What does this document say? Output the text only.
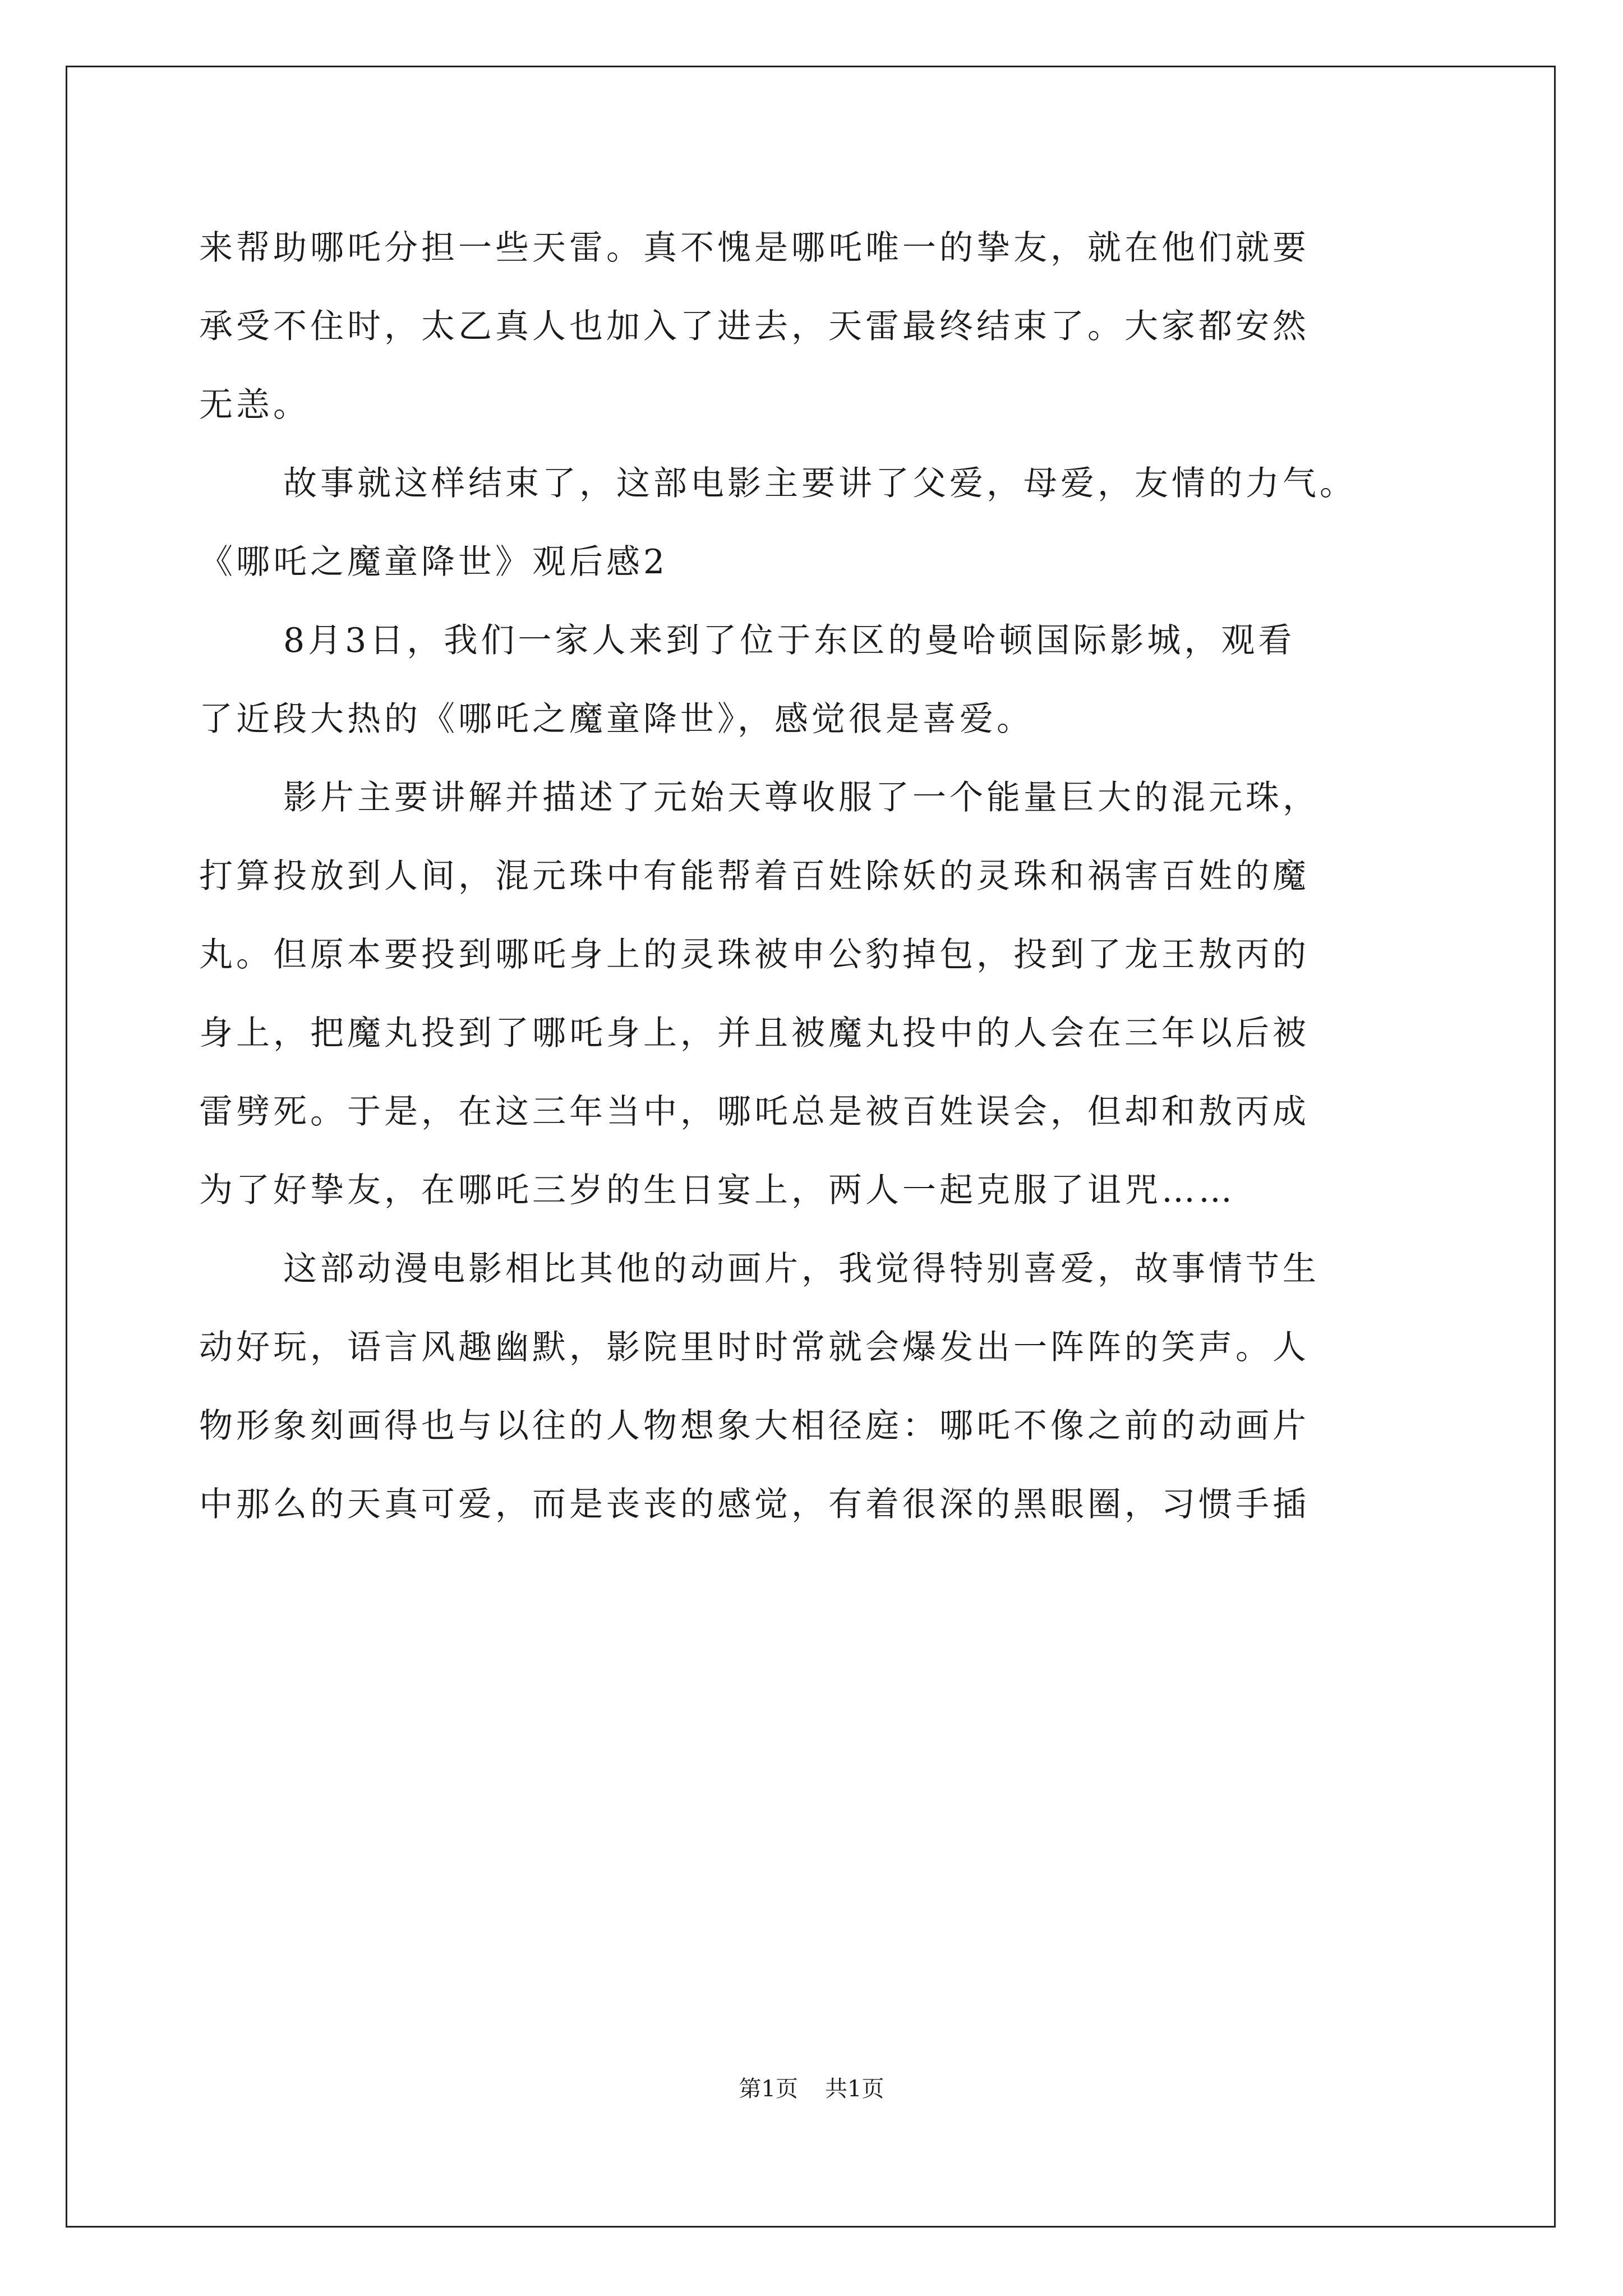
来帮助哪吒分担一些天雷。真不愧是哪吒唯一的挚友，就在他们就要
承受不住时，太乙真人也加入了进去，天雷最终结束了。大家都安然
无恙。
故事就这样结束了，这部电影主要讲了父爱，母爱，友情的力气。
《哪吒之魔童降世》观后感2
8月3日，我们一家人来到了位于东区的曼哈顿国际影城，观看
了近段大热的《哪吒之魔童降世》，感觉很是喜爱。
影片主要讲解并描述了元始天尊收服了一个能量巨大的混元珠，
打算投放到人间，混元珠中有能帮着百姓除妖的灵珠和祸害百姓的魔
丸。但原本要投到哪吒身上的灵珠被申公豹掉包，投到了龙王敖丙的
身上，把魔丸投到了哪吒身上，并且被魔丸投中的人会在三年以后被
雷劈死。于是，在这三年当中，哪吒总是被百姓误会，但却和敖丙成
为了好挚友，在哪吒三岁的生日宴上，两人一起克服了诅咒……
这部动漫电影相比其他的动画片，我觉得特别喜爱，故事情节生
动好玩，语言风趣幽默，影院里时时常就会爆发出一阵阵的笑声。人
物形象刻画得也与以往的人物想象大相径庭：哪吒不像之前的动画片
中那么的天真可爱，而是丧丧的感觉，有着很深的黑眼圈，习惯手插
第1页 共1页
